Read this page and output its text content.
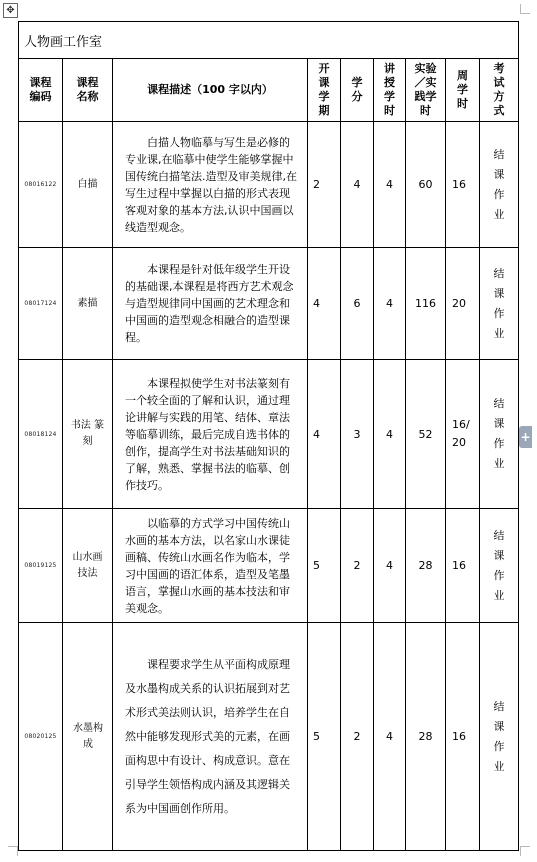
✥
人物画工作室								

课程编码	课程名称	课程描述（100 字以内）	开课学期	学分	讲授学时	实验／实践学时	周学时	考试方式

08016122	白描	白描人物临摹与写生是必修的专业课,在临摹中使学生能够掌握中国传统白描笔法.造型及审美规律,在写生过程中掌握以白描的形式表现客观对象的基本方法,认识中国画以线造型观念。	2	4	4	60	16	结课作业

08017124	素描	本课程是针对低年级学生开设的基础课,本课程是将西方艺术观念与造型规律同中国画的艺术理念和中国画的造型观念相融合的造型课程。	4	6	4	116	20	结课作业

08018124	书法 篆刻	本课程拟使学生对书法篆刻有一个较全面的了解和认识，通过理论讲解与实践的用笔、结体、章法等临摹训练，最后完成自选书体的创作，提高学生对书法基础知识的了解，熟悉、掌握书法的临摹、创作技巧。	4	3	4	52	16/ 20	结课作业

08019125	山水画 技法	以临摹的方式学习中国传统山水画的基本方法，以名家山水课徒画稿、传统山水画名作为临本，学习中国画的语汇体系，造型及笔墨语言，掌握山水画的基本技法和审美观念。	5	2	4	28	16	结课作业

08020125	水墨构成	课程要求学生从平面构成原理及水墨构成关系的认识拓展到对艺术形式美法则认识，培养学生在自然中能够发现形式美的元素，在画面构思中有设计、构成意识。意在引导学生领悟构成内涵及其逻辑关系为中国画创作所用。	5	2	4	28	16	结课作业
+
